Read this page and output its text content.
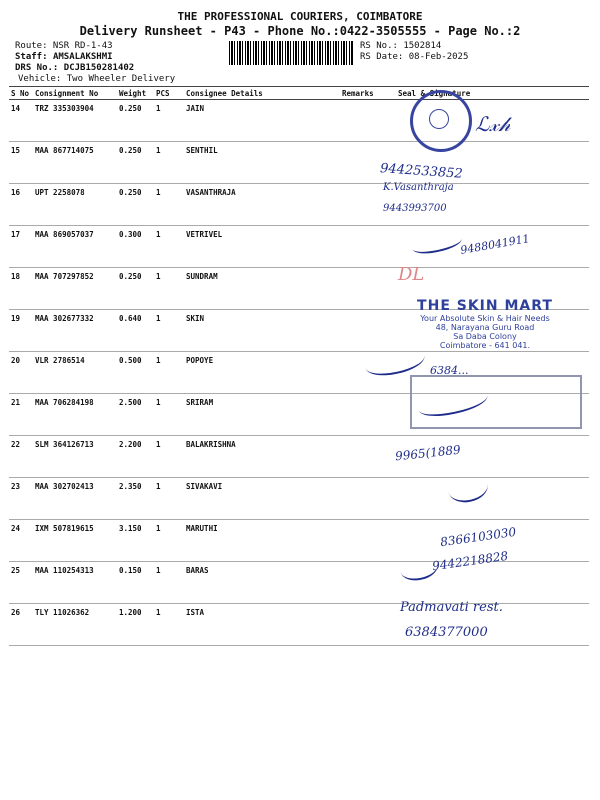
THE PROFESSIONAL COURIERS, COIMBATORE
Delivery Runsheet - P43 - Phone No.:0422-3505555 - Page No.:2
Route: NSR RD-1-43
Staff: AMSALAKSHMI
DRS No.: DCJB150281402
Vehicle: Two Wheeler Delivery
RS No.: 1502814
RS Date: 08-Feb-2025
S No	Consignment No	Weight	PCS	Consignee Details	Remarks	Seal & Signature
14	TRZ 335303904	0.250	1	JAIN		
15	MAA 867714075	0.250	1	SENTHIL		
16	UPT 2258078	0.250	1	VASANTHRAJA		
17	MAA 869057037	0.300	1	VETRIVEL		
18	MAA 707297852	0.250	1	SUNDRAM		
19	MAA 302677332	0.640	1	SKIN		
20	VLR 2786514	0.500	1	POPOYE		
21	MAA 706284198	2.500	1	SRIRAM		
22	SLM 364126713	2.200	1	BALAKRISHNA		
23	MAA 302702413	2.350	1	SIVAKAVI		
24	IXM 507819615	3.150	1	MARUTHI		
25	MAA 110254313	0.150	1	BARAS		
26	TLY 11026362	1.200	1	ISTA		
ℒ𝓍𝒽
9442533852
K.Vasanthraja
9443993700
9488041911
DL
THE SKIN MART
Your Absolute Skin & Hair Needs
48, Narayana Guru Road
Sa Daba Colony
Coimbatore - 641 041.
6384...
9965(1889
8366103030
9442218828
Padmavati rest.
6384377000
